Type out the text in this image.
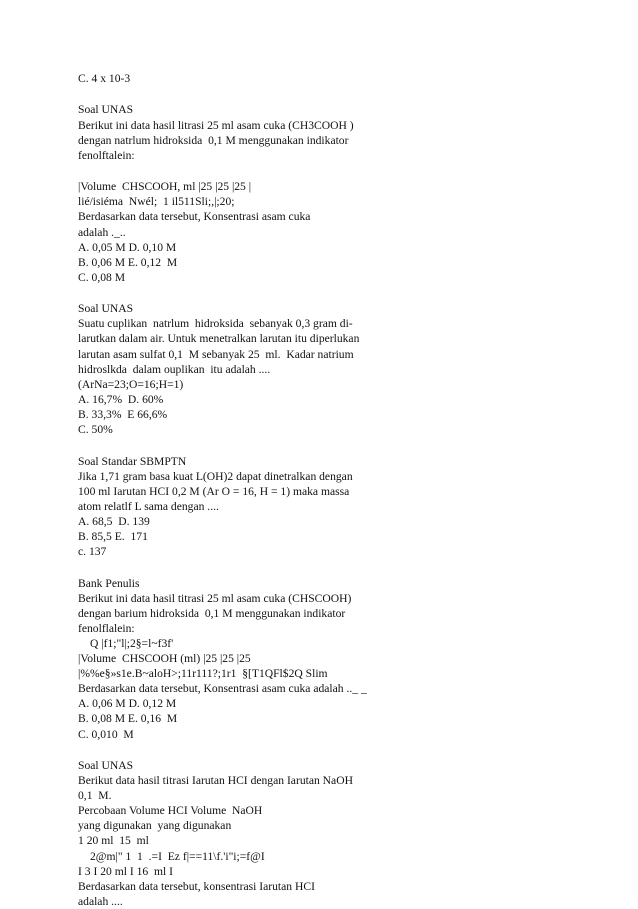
C. 4 x 10-3
Soal UNAS
Berikut ini data hasil litrasi 25 ml asam cuka (CH3COOH )
dengan natrlum hidroksida  0,1 M menggunakan indikator
fenolftalein:
|Volume  CHSCOOH, ml |25 |25 |25 |
lié/isiéma  Nwél;  1 il511Sli;,|;20;
Berdasarkan data tersebut, Konsentrasi asam cuka
adalah ._..
A. 0,05 M D. 0,10 M
B. 0,06 M E. 0,12  M
C. 0,08 M
Soal UNAS
Suatu cuplikan  natrlum  hidroksida  sebanyak 0,3 gram di-
larutkan dalam air. Untuk menetralkan larutan itu diperlukan
larutan asam sulfat 0,1  M sebanyak 25  ml.  Kadar natrium
hidroslkda  dalam ouplikan  itu adalah ....
(ArNa=23;O=16;H=1)
A. 16,7%  D. 60%
B. 33,3%  E 66,6%
C. 50%
Soal Standar SBMPTN
Jika 1,71 gram basa kuat L(OH)2 dapat dinetralkan dengan
100 ml Iarutan HCI 0,2 M (Ar O = 16, H = 1) maka massa
atom relatlf L sama dengan ....
A. 68,5  D. 139
B. 85,5 E.  171
c. 137
Bank Penulis
Berikut ini data hasil titrasi 25 ml asam cuka (CHSCOOH)
dengan barium hidroksida  0,1 M menggunakan indikator
fenolflalein:
Q |f1;"l|;2§=l~f3f'
|Volume  CHSCOOH (ml) |25 |25 |25
|%%e§»s1e.B~aloH>;11r111?;1r1  §[T1QFl$2Q Slim
Berdasarkan data tersebut, Konsentrasi asam cuka adalah .._ _
A. 0,06 M D. 0,12 M
B. 0,08 M E. 0,16  M
C. 0,010  M
Soal UNAS
Berikut data hasil titrasi Iarutan HCI dengan Iarutan NaOH
0,1  M.
Percobaan Volume HCI Volume  NaOH
yang digunakan  yang digunakan
1 20 ml  15  ml
2@m|" 1  1  .=I  Ez f|==11\f.'i"i;=f@I
I 3 I 20 ml I 16  ml I
Berdasarkan data tersebut, konsentrasi Iarutan HCI
adalah ....
